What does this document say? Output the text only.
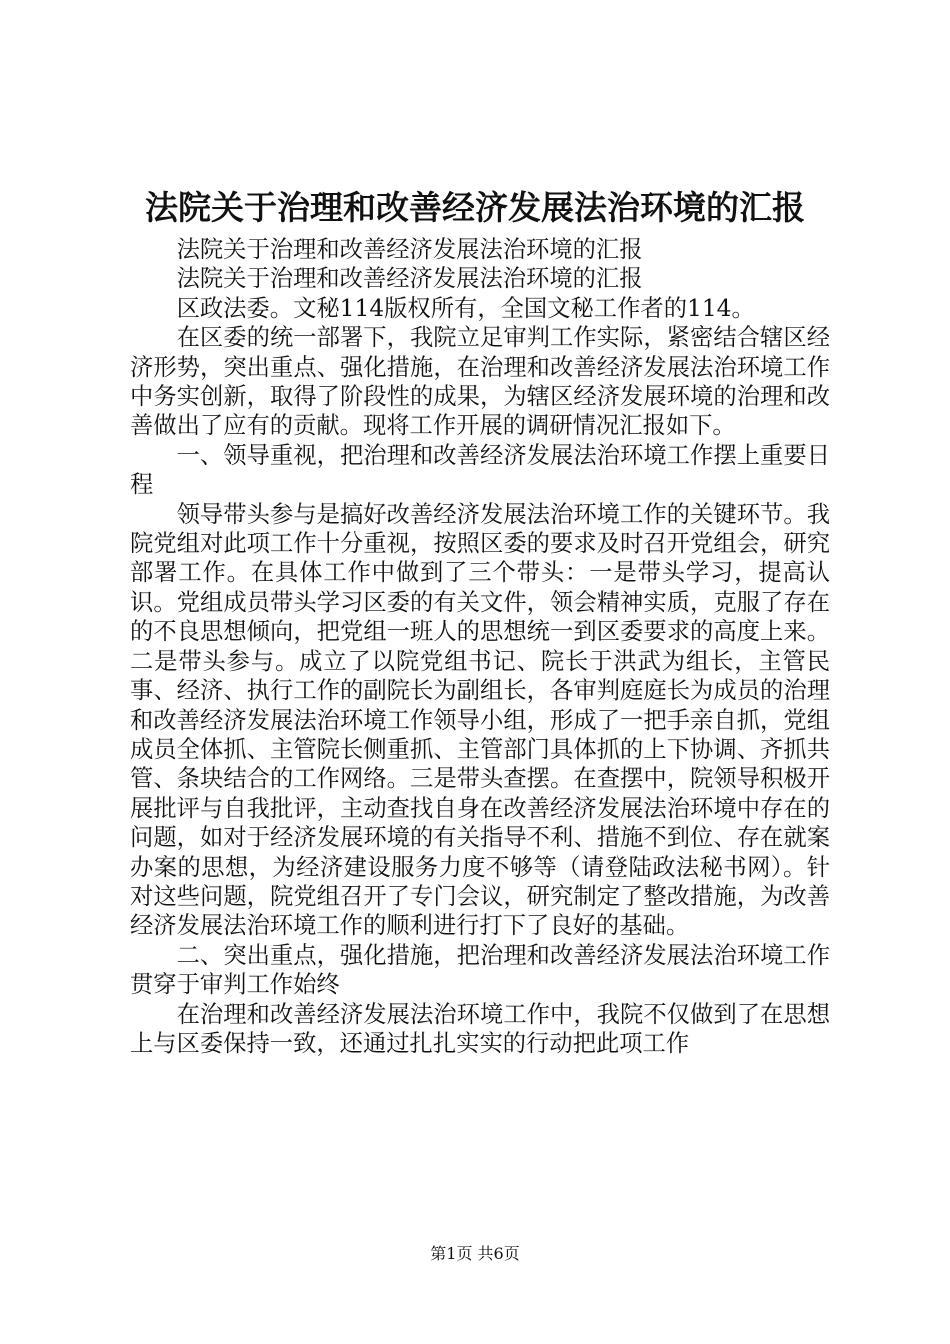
法院关于治理和改善经济发展法治环境的汇报

法院关于治理和改善经济发展法治环境的汇报

法院关于治理和改善经济发展法治环境的汇报

区政法委。文秘114版权所有，全国文秘工作者的114。

在区委的统一部署下，我院立足审判工作实际，紧密结合辖区经济形势，突出重点、强化措施，在治理和改善经济发展法治环境工作中务实创新，取得了阶段性的成果，为辖区经济发展环境的治理和改善做出了应有的贡献。现将工作开展的调研情况汇报如下。

一、领导重视，把治理和改善经济发展法治环境工作摆上重要日程

领导带头参与是搞好改善经济发展法治环境工作的关键环节。我院党组对此项工作十分重视，按照区委的要求及时召开党组会，研究部署工作。在具体工作中做到了三个带头：一是带头学习，提高认识。党组成员带头学习区委的有关文件，领会精神实质，克服了存在的不良思想倾向，把党组一班人的思想统一到区委要求的高度上来。二是带头参与。成立了以院党组书记、院长于洪武为组长，主管民事、经济、执行工作的副院长为副组长，各审判庭庭长为成员的治理和改善经济发展法治环境工作领导小组，形成了一把手亲自抓，党组成员全体抓、主管院长侧重抓、主管部门具体抓的上下协调、齐抓共管、条块结合的工作网络。三是带头查摆。在查摆中，院领导积极开展批评与自我批评，主动查找自身在改善经济发展法治环境中存在的问题，如对于经济发展环境的有关指导不利、措施不到位、存在就案办案的思想，为经济建设服务力度不够等（请登陆政法秘书网）。针对这些问题，院党组召开了专门会议，研究制定了整改措施，为改善经济发展法治环境工作的顺利进行打下了良好的基础。

二、突出重点，强化措施，把治理和改善经济发展法治环境工作贯穿于审判工作始终

在治理和改善经济发展法治环境工作中，我院不仅做到了在思想上与区委保持一致，还通过扎扎实实的行动把此项工作

第1页 共6页
